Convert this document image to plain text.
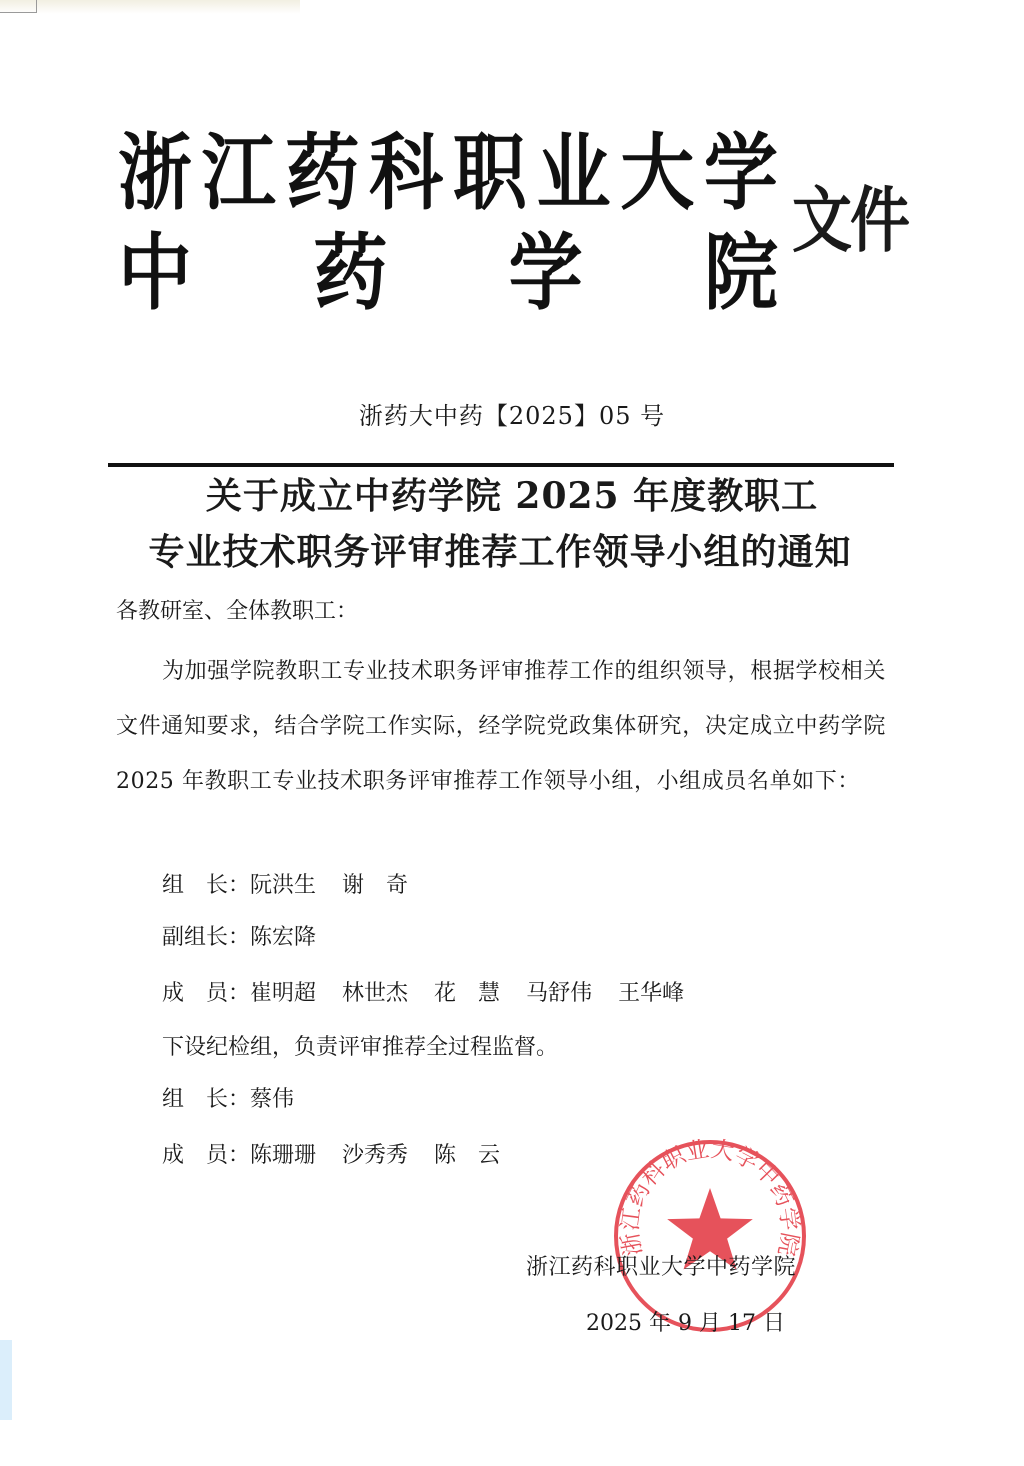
浙 江 药 科 职 业 大 学
中 药 学 院
文件
浙药大中药【2025】05 号
关于成立中药学院 2025 年度教职工
专业技术职务评审推荐工作领导小组的通知
各教研室、全体教职工：
为加强学院教职工专业技术职务评审推荐工作的组织领导，根据学校相关文件通知要求，结合学院工作实际，经学院党政集体研究，决定成立中药学院 2025 年教职工专业技术职务评审推荐工作领导小组，小组成员名单如下：
组　长：阮洪生 谢　奇
副组长：陈宏降
成　员：崔明超 林世杰 花　慧 马舒伟 王华峰
下设纪检组，负责评审推荐全过程监督。
组　长：蔡伟
成　员：陈珊珊 沙秀秀 陈　云
浙江药科职业大学中药学院
浙江药科职业大学中药学院
2025 年 9 月 17 日
